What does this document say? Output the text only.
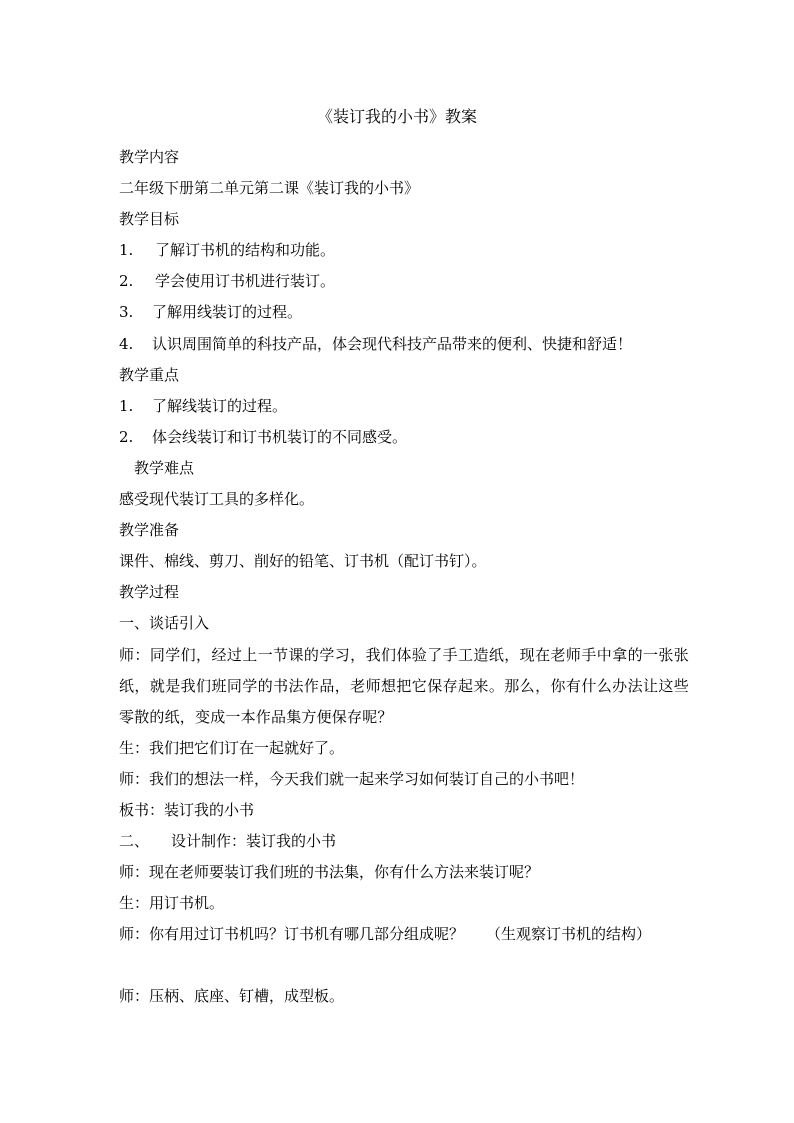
《装订我的小书》教案
教学内容
二年级下册第二单元第二课《装订我的小书》
教学目标
1. 了解订书机的结构和功能。
2. 学会使用订书机进行装订。
3. 了解用线装订的过程。
4. 认识周围简单的科技产品，体会现代科技产品带来的便利、快捷和舒适！
教学重点
1. 了解线装订的过程。
2. 体会线装订和订书机装订的不同感受。
教学难点
感受现代装订工具的多样化。
教学准备
课件、棉线、剪刀、削好的铅笔、订书机（配订书钉）。
教学过程
一、谈话引入
师：同学们，经过上一节课的学习，我们体验了手工造纸，现在老师手中拿的一张张纸，就是我们班同学的书法作品，老师想把它保存起来。那么，你有什么办法让这些零散的纸，变成一本作品集方便保存呢？
生：我们把它们订在一起就好了。
师：我们的想法一样，今天我们就一起来学习如何装订自己的小书吧！
板书：装订我的小书
二、 设计制作：装订我的小书
师：现在老师要装订我们班的书法集，你有什么方法来装订呢？
生：用订书机。
师：你有用过订书机吗？订书机有哪几部分组成呢？ （生观察订书机的结构）
师：压柄、底座、钉槽，成型板。
